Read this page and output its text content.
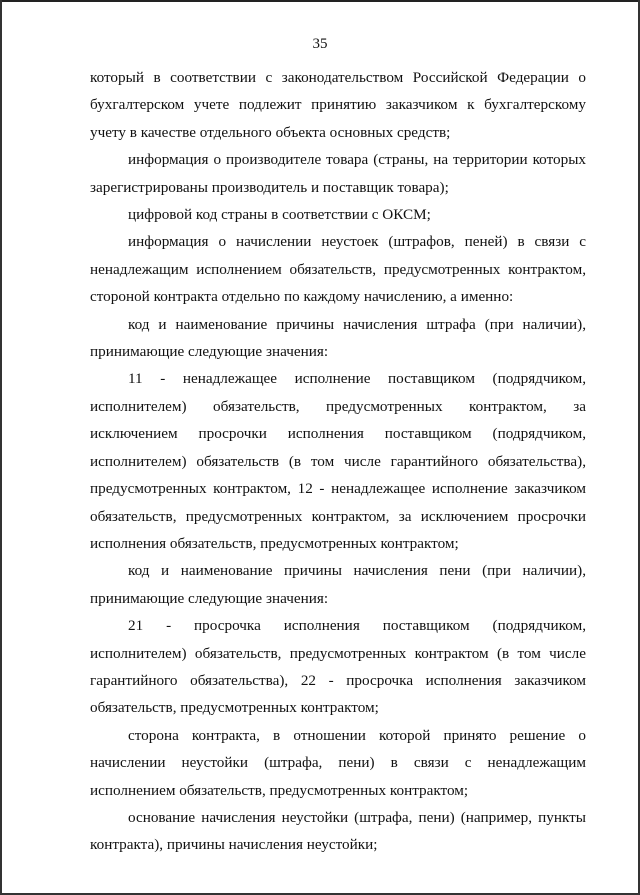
35

который в соответствии с законодательством Российской Федерации о бухгалтерском учете подлежит принятию заказчиком к бухгалтерскому учету в качестве отдельного объекта основных средств;

информация о производителе товара (страны, на территории которых зарегистрированы производитель и поставщик товара);

цифровой код страны в соответствии с ОКСМ;

информация о начислении неустоек (штрафов, пеней) в связи с ненадлежащим исполнением обязательств, предусмотренных контрактом, стороной контракта отдельно по каждому начислению, а именно:

код и наименование причины начисления штрафа (при наличии), принимающие следующие значения:

11 - ненадлежащее исполнение поставщиком (подрядчиком, исполнителем) обязательств, предусмотренных контрактом, за исключением просрочки исполнения поставщиком (подрядчиком, исполнителем) обязательств (в том числе гарантийного обязательства), предусмотренных контрактом, 12 - ненадлежащее исполнение заказчиком обязательств, предусмотренных контрактом, за исключением просрочки исполнения обязательств, предусмотренных контрактом;

код и наименование причины начисления пени (при наличии), принимающие следующие значения:

21 - просрочка исполнения поставщиком (подрядчиком, исполнителем) обязательств, предусмотренных контрактом (в том числе гарантийного обязательства), 22 - просрочка исполнения заказчиком обязательств, предусмотренных контрактом;

сторона контракта, в отношении которой принято решение о начислении неустойки (штрафа, пени) в связи с ненадлежащим исполнением обязательств, предусмотренных контрактом;

основание начисления неустойки (штрафа, пени) (например, пункты контракта), причины начисления неустойки;
